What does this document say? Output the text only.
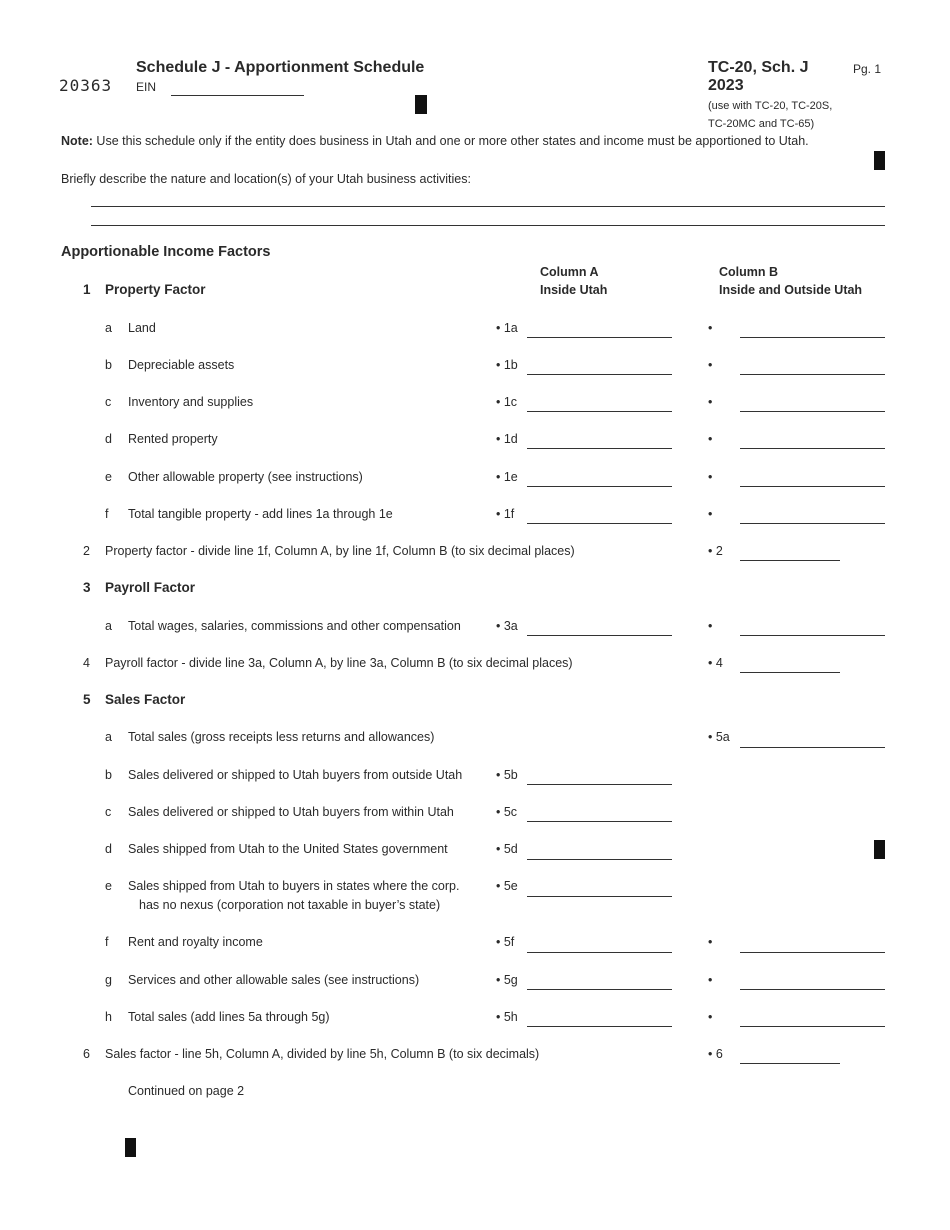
20363
Schedule J - Apportionment Schedule
EIN
TC-20, Sch. J
2023
(use with TC-20, TC-20S,
TC-20MC and TC-65)
Pg. 1
Note: Use this schedule only if the entity does business in Utah and one or more other states and income must be apportioned to Utah.
Briefly describe the nature and location(s) of your Utah business activities:
Apportionable Income Factors
Column A
Inside Utah
Column B
Inside and Outside Utah
1 Property Factor
a Land	• 1a	•
b Depreciable assets	• 1b	•
c Inventory and supplies	• 1c	•
d Rented property	• 1d	•
e Other allowable property (see instructions)	• 1e	•
f Total tangible property - add lines 1a through 1e	• 1f	•
2 Property factor - divide line 1f, Column A, by line 1f, Column B (to six decimal places)	• 2
3 Payroll Factor
a Total wages, salaries, commissions and other compensation	• 3a	•
4 Payroll factor - divide line 3a, Column A, by line 3a, Column B (to six decimal places)	• 4
5 Sales Factor
a Total sales (gross receipts less returns and allowances)	• 5a
b Sales delivered or shipped to Utah buyers from outside Utah	• 5b
c Sales delivered or shipped to Utah buyers from within Utah	• 5c
d Sales shipped from Utah to the United States government	• 5d
e Sales shipped from Utah to buyers in states where the corp.
has no nexus (corporation not taxable in buyer’s state)
• 5e
f Rent and royalty income	• 5f	•
g Services and other allowable sales (see instructions)	• 5g	•
h Total sales (add lines 5a through 5g)	• 5h	•
6 Sales factor - line 5h, Column A, divided by line 5h, Column B (to six decimals)	• 6
Continued on page 2
